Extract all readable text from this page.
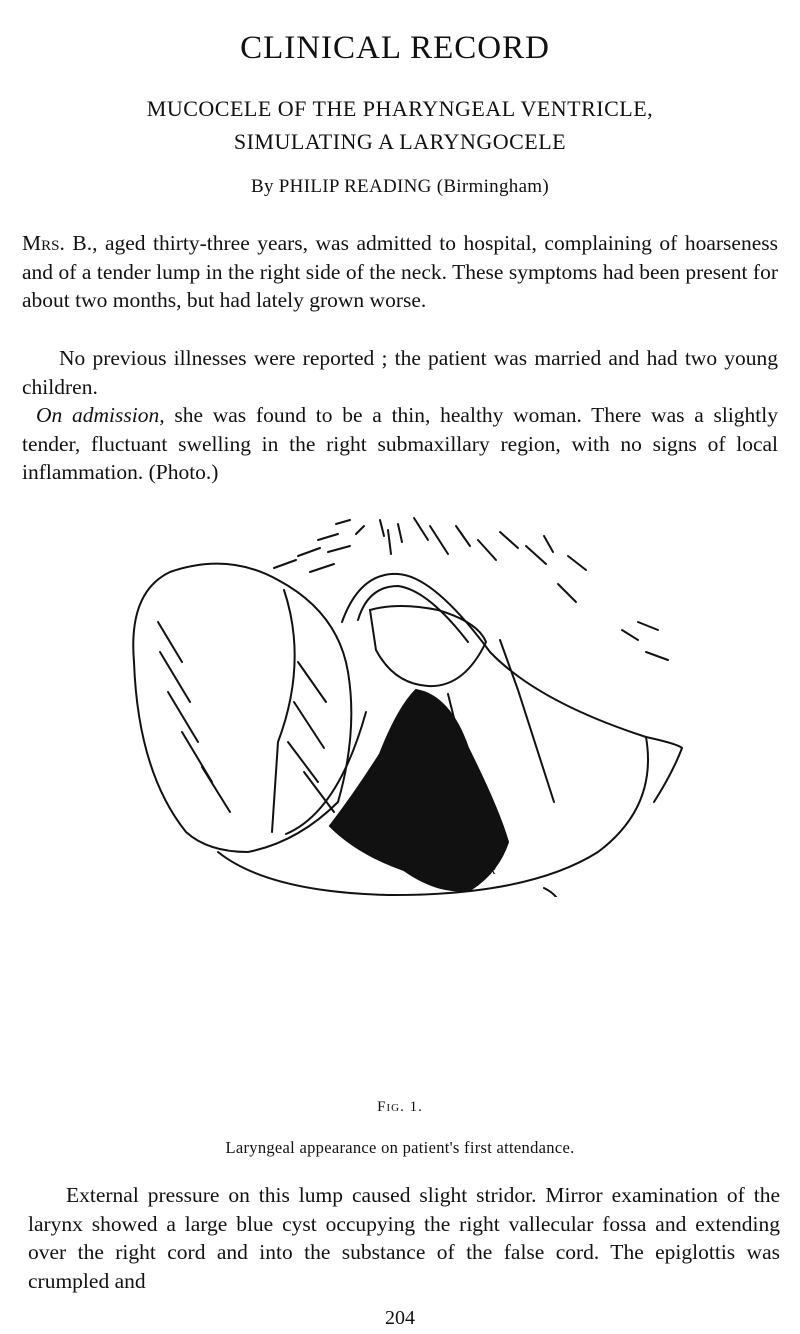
CLINICAL RECORD
MUCOCELE OF THE PHARYNGEAL VENTRICLE,
SIMULATING A LARYNGOCELE
By PHILIP READING (Birmingham)

Mrs. B., aged thirty-three years, was admitted to hospital, complaining of hoarseness and of a tender lump in the right side of the neck. These symptoms had been present for about two months, but had lately grown worse.

No previous illnesses were reported ; the patient was married and had two young children.

On admission, she was found to be a thin, healthy woman. There was a slightly tender, fluctuant swelling in the right submaxillary region, with no signs of local inflammation. (Photo.)

PVR
Fig. 1.
Laryngeal appearance on patient's first attendance.

External pressure on this lump caused slight stridor. Mirror examination of the larynx showed a large blue cyst occupying the right vallecular fossa and extending over the right cord and into the substance of the false cord. The epiglottis was crumpled and

204
